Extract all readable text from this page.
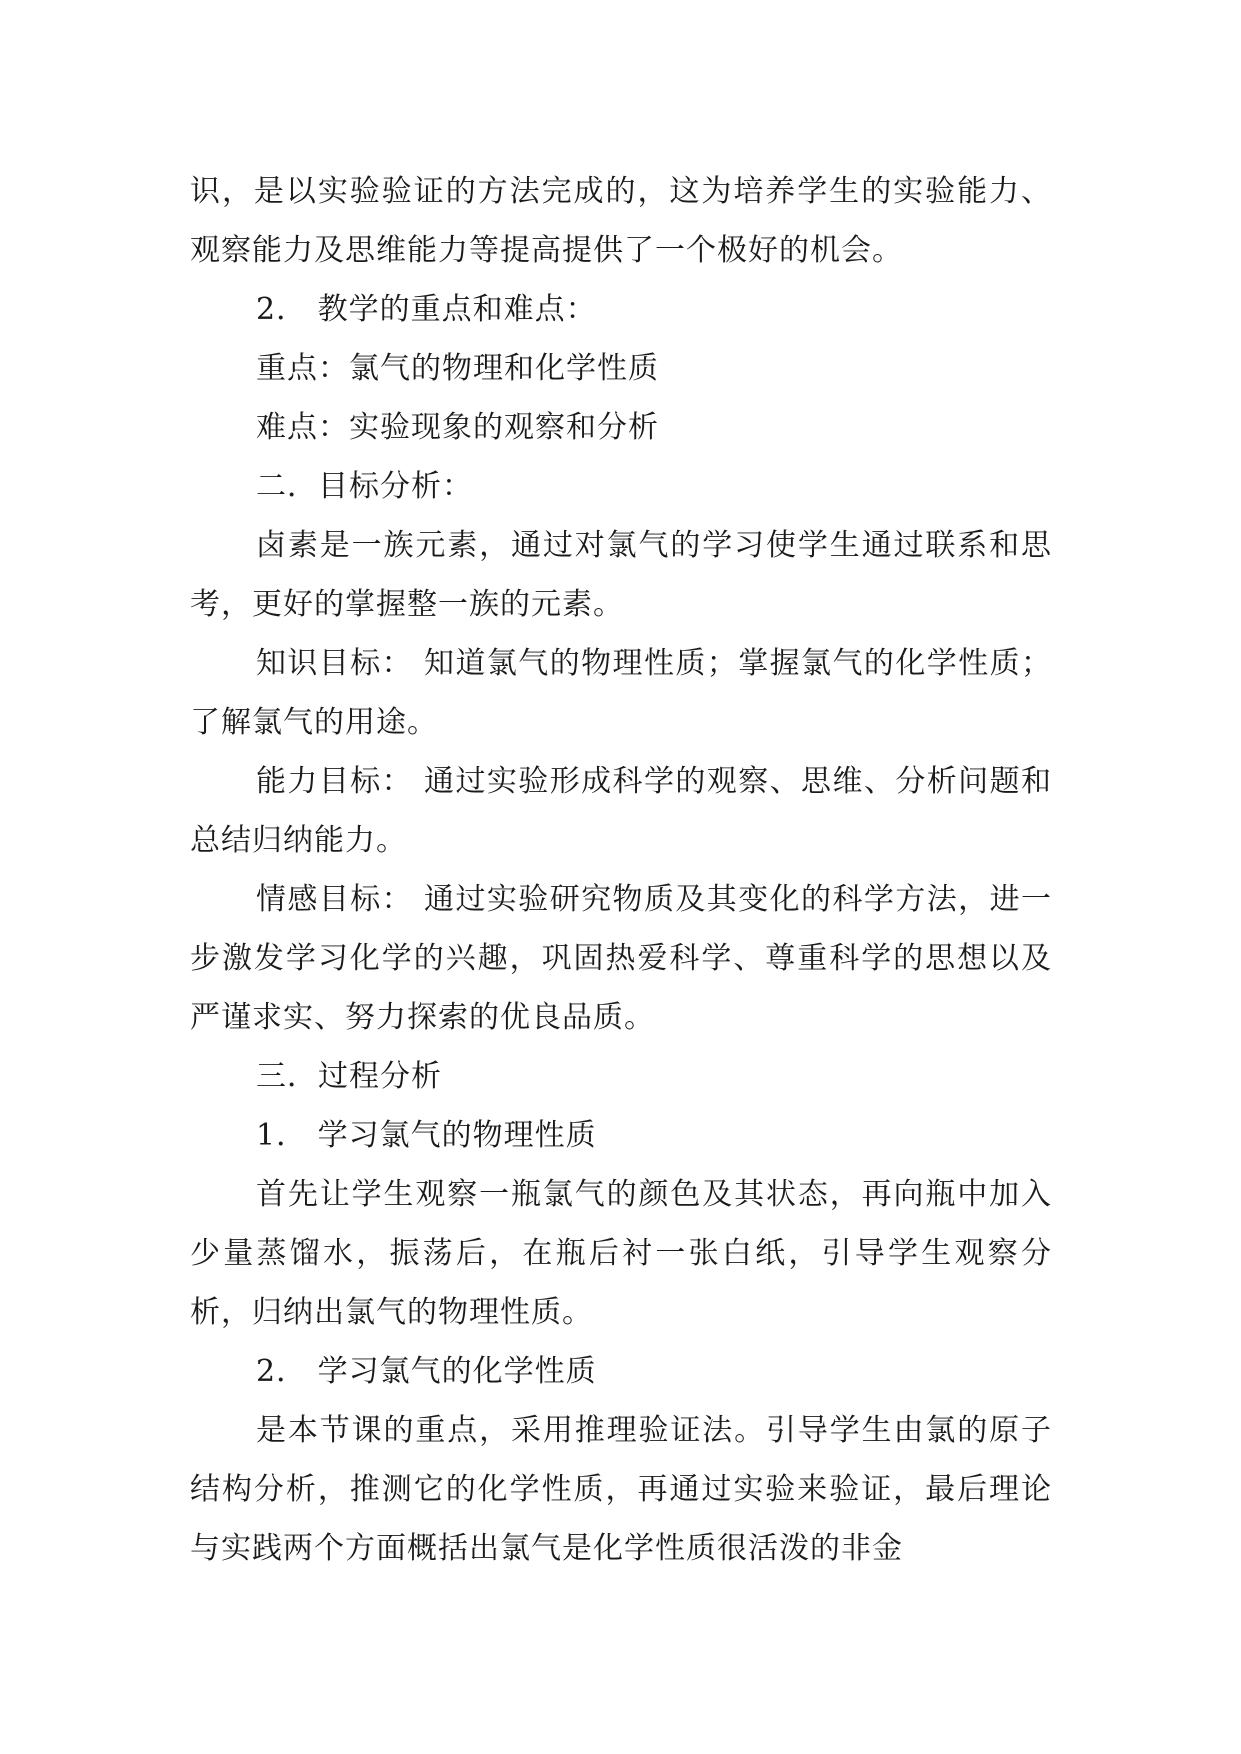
识，是以实验验证的方法完成的，这为培养学生的实验能力、观察能力及思维能力等提高提供了一个极好的机会。

2． 教学的重点和难点：

重点：氯气的物理和化学性质

难点：实验现象的观察和分析

二．目标分析：

卤素是一族元素，通过对氯气的学习使学生通过联系和思考，更好的掌握整一族的元素。

知识目标： 知道氯气的物理性质；掌握氯气的化学性质；了解氯气的用途。

能力目标： 通过实验形成科学的观察、思维、分析问题和总结归纳能力。

情感目标： 通过实验研究物质及其变化的科学方法，进一步激发学习化学的兴趣，巩固热爱科学、尊重科学的思想以及严谨求实、努力探索的优良品质。

三．过程分析

1． 学习氯气的物理性质

首先让学生观察一瓶氯气的颜色及其状态，再向瓶中加入少量蒸馏水，振荡后，在瓶后衬一张白纸，引导学生观察分析，归纳出氯气的物理性质。

2． 学习氯气的化学性质

是本节课的重点，采用推理验证法。引导学生由氯的原子结构分析，推测它的化学性质，再通过实验来验证，最后理论与实践两个方面概括出氯气是化学性质很活泼的非金
